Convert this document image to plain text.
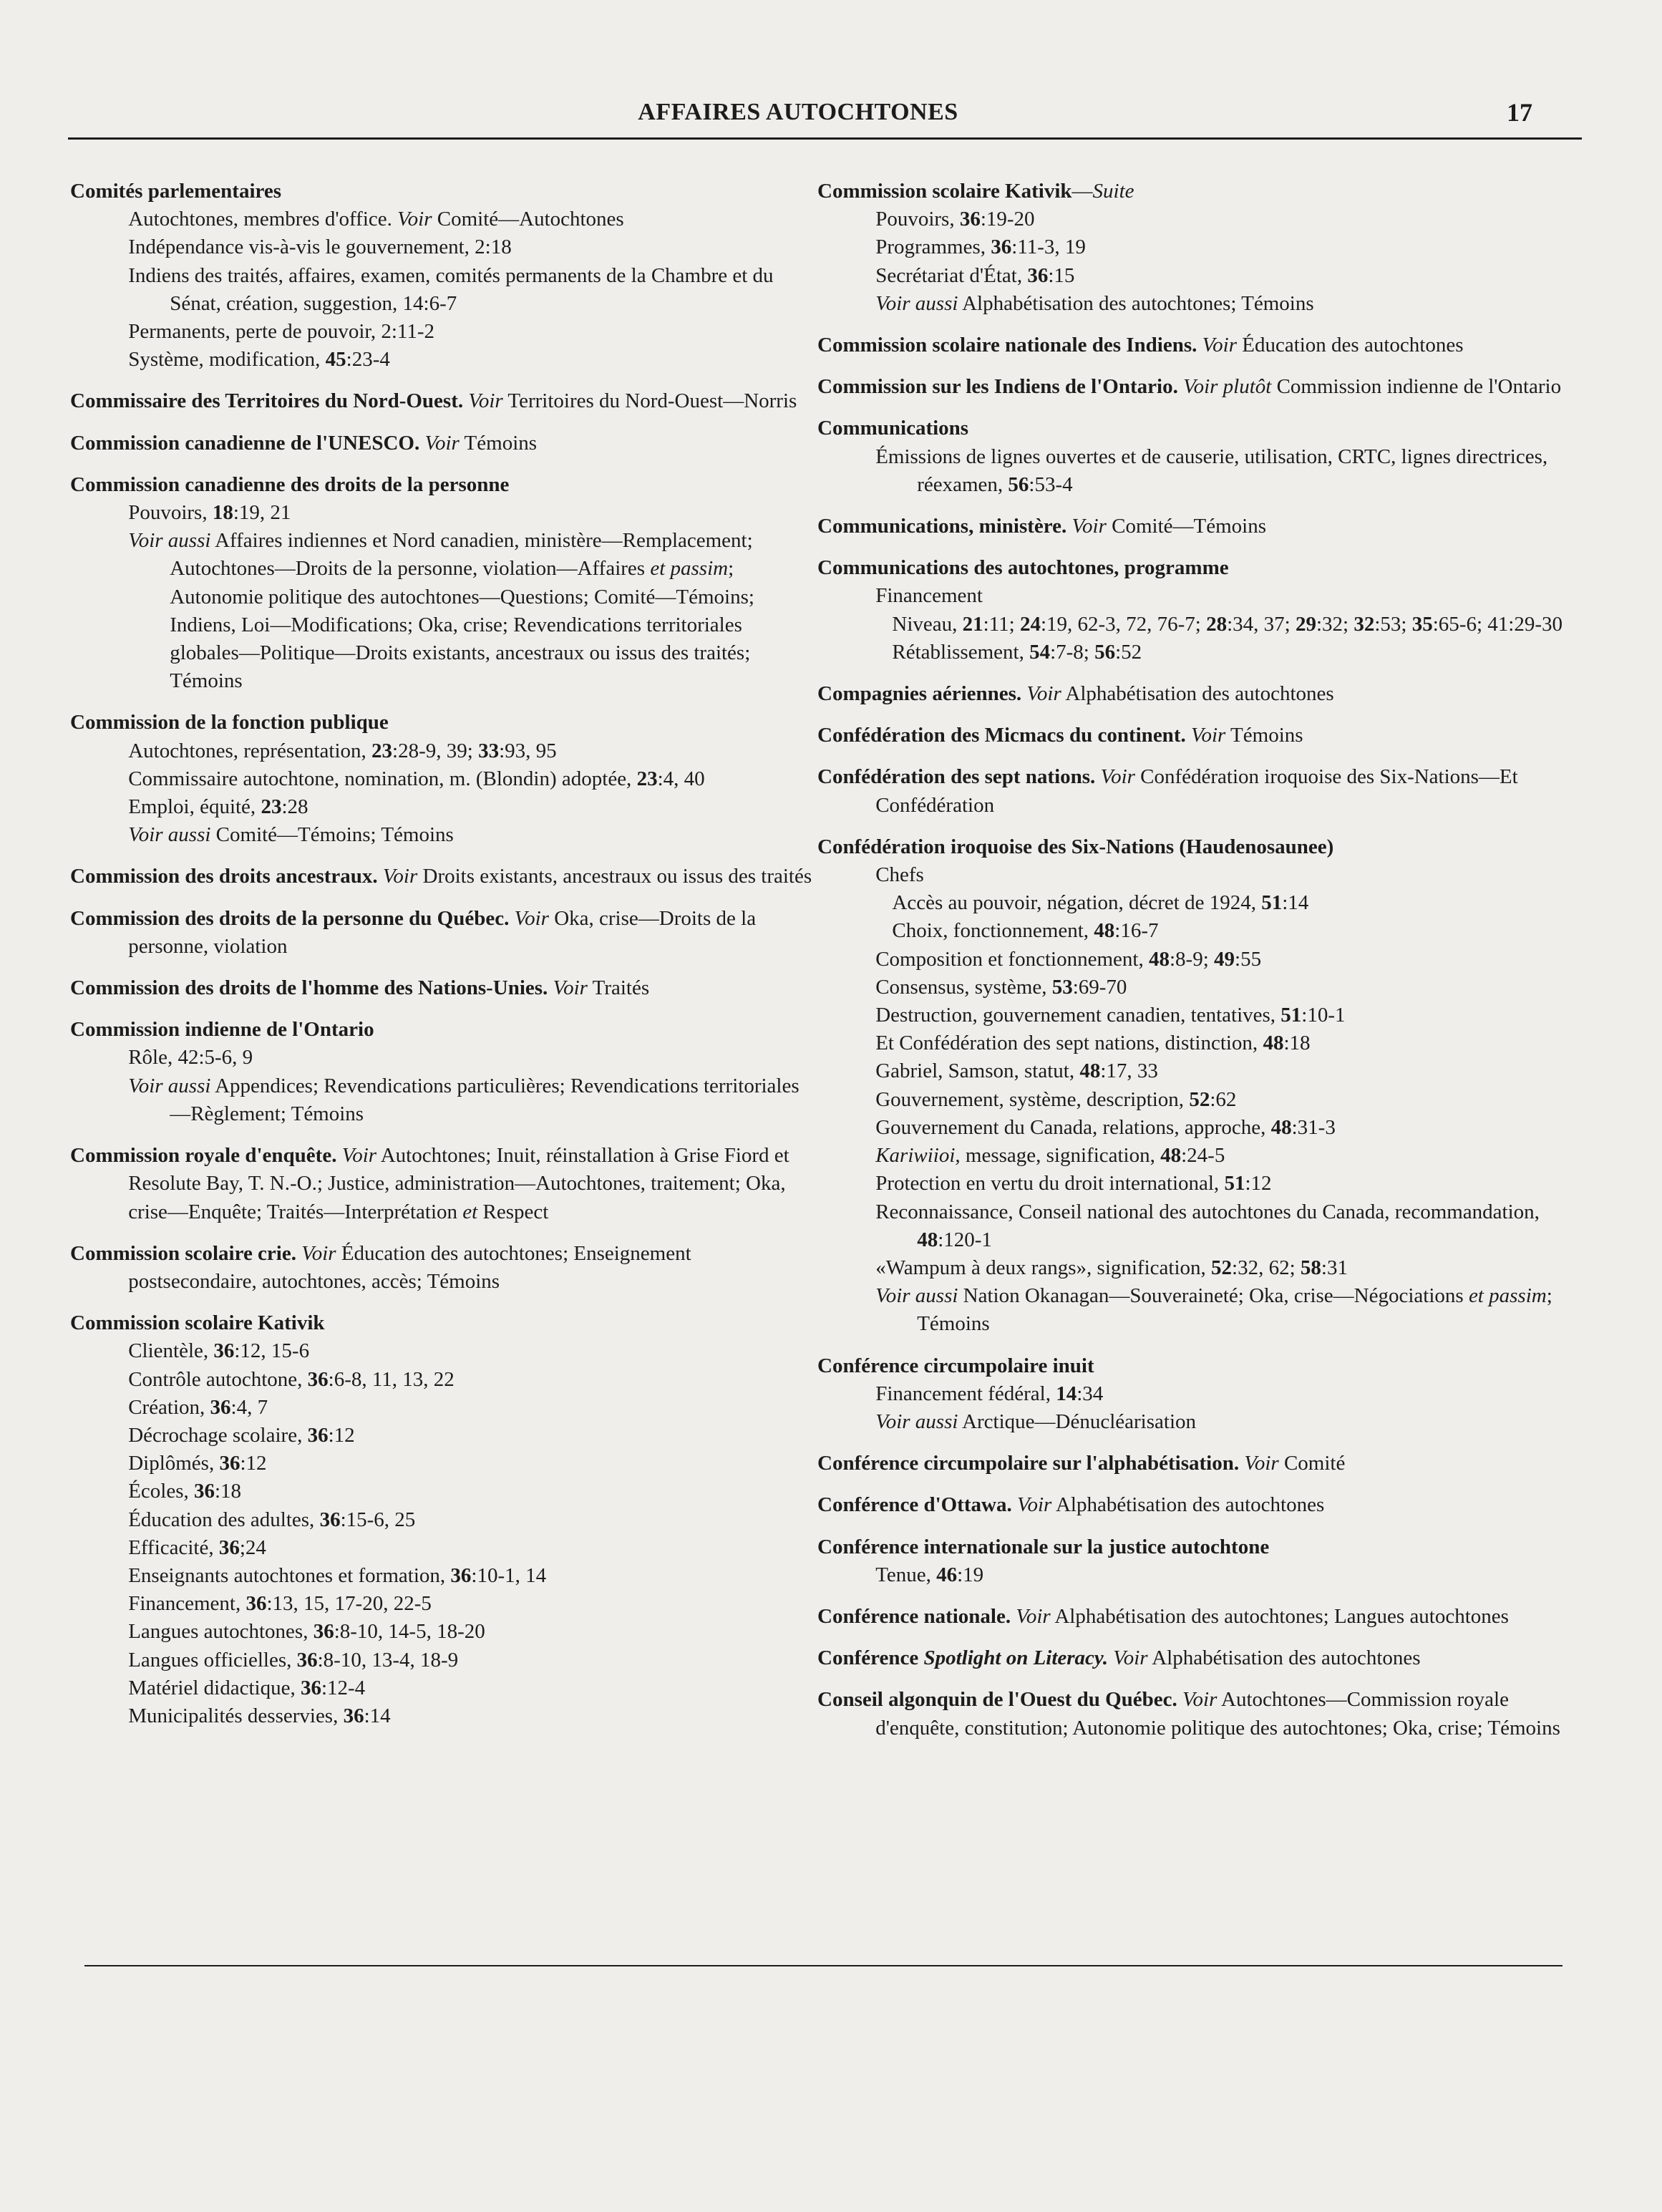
AFFAIRES AUTOCHTONES	17
Comités parlementaires
Autochtones, membres d'office. Voir Comité—Autochtones
Indépendance vis-à-vis le gouvernement, 2:18
Indiens des traités, affaires, examen, comités permanents de la Chambre et du Sénat, création, suggestion, 14:6-7
Permanents, perte de pouvoir, 2:11-2
Système, modification, 45:23-4
Commissaire des Territoires du Nord-Ouest. Voir Territoires du Nord-Ouest—Norris
Commission canadienne de l'UNESCO. Voir Témoins
Commission canadienne des droits de la personne
Pouvoirs, 18:19, 21
Voir aussi Affaires indiennes et Nord canadien, ministère—Remplacement; Autochtones—Droits de la personne, violation—Affaires et passim; Autonomie politique des autochtones—Questions; Comité—Témoins; Indiens, Loi—Modifications; Oka, crise; Revendications territoriales globales—Politique—Droits existants, ancestraux ou issus des traités; Témoins
Commission de la fonction publique
Autochtones, représentation, 23:28-9, 39; 33:93, 95
Commissaire autochtone, nomination, m. (Blondin) adoptée, 23:4, 40
Emploi, équité, 23:28
Voir aussi Comité—Témoins; Témoins
Commission des droits ancestraux. Voir Droits existants, ancestraux ou issus des traités
Commission des droits de la personne du Québec. Voir Oka, crise—Droits de la personne, violation
Commission des droits de l'homme des Nations-Unies. Voir Traités
Commission indienne de l'Ontario
Rôle, 42:5-6, 9
Voir aussi Appendices; Revendications particulières; Revendications territoriales—Règlement; Témoins
Commission royale d'enquête. Voir Autochtones; Inuit, réinstallation à Grise Fiord et Resolute Bay, T. N.-O.; Justice, administration—Autochtones, traitement; Oka, crise—Enquête; Traités—Interprétation et Respect
Commission scolaire crie. Voir Éducation des autochtones; Enseignement postsecondaire, autochtones, accès; Témoins
Commission scolaire Kativik
Clientèle, 36:12, 15-6
Contrôle autochtone, 36:6-8, 11, 13, 22
Création, 36:4, 7
Décrochage scolaire, 36:12
Diplômés, 36:12
Écoles, 36:18
Éducation des adultes, 36:15-6, 25
Efficacité, 36;24
Enseignants autochtones et formation, 36:10-1, 14
Financement, 36:13, 15, 17-20, 22-5
Langues autochtones, 36:8-10, 14-5, 18-20
Langues officielles, 36:8-10, 13-4, 18-9
Matériel didactique, 36:12-4
Municipalités desservies, 36:14
Commission scolaire Kativik—Suite
Pouvoirs, 36:19-20
Programmes, 36:11-3, 19
Secrétariat d'État, 36:15
Voir aussi Alphabétisation des autochtones; Témoins
Commission scolaire nationale des Indiens. Voir Éducation des autochtones
Commission sur les Indiens de l'Ontario. Voir plutôt Commission indienne de l'Ontario
Communications
Émissions de lignes ouvertes et de causerie, utilisation, CRTC, lignes directrices, réexamen, 56:53-4
Communications, ministère. Voir Comité—Témoins
Communications des autochtones, programme
Financement
Niveau, 21:11; 24:19, 62-3, 72, 76-7; 28:34, 37; 29:32; 32:53; 35:65-6; 41:29-30
Rétablissement, 54:7-8; 56:52
Compagnies aériennes. Voir Alphabétisation des autochtones
Confédération des Micmacs du continent. Voir Témoins
Confédération des sept nations. Voir Confédération iroquoise des Six-Nations—Et Confédération
Confédération iroquoise des Six-Nations (Haudenosaunee)
Chefs
Accès au pouvoir, négation, décret de 1924, 51:14
Choix, fonctionnement, 48:16-7
Composition et fonctionnement, 48:8-9; 49:55
Consensus, système, 53:69-70
Destruction, gouvernement canadien, tentatives, 51:10-1
Et Confédération des sept nations, distinction, 48:18
Gabriel, Samson, statut, 48:17, 33
Gouvernement, système, description, 52:62
Gouvernement du Canada, relations, approche, 48:31-3
Kariwiioi, message, signification, 48:24-5
Protection en vertu du droit international, 51:12
Reconnaissance, Conseil national des autochtones du Canada, recommandation, 48:120-1
«Wampum à deux rangs», signification, 52:32, 62; 58:31
Voir aussi Nation Okanagan—Souveraineté; Oka, crise—Négociations et passim; Témoins
Conférence circumpolaire inuit
Financement fédéral, 14:34
Voir aussi Arctique—Dénucléarisation
Conférence circumpolaire sur l'alphabétisation. Voir Comité
Conférence d'Ottawa. Voir Alphabétisation des autochtones
Conférence internationale sur la justice autochtone
Tenue, 46:19
Conférence nationale. Voir Alphabétisation des autochtones; Langues autochtones
Conférence Spotlight on Literacy. Voir Alphabétisation des autochtones
Conseil algonquin de l'Ouest du Québec. Voir Autochtones—Commission royale d'enquête, constitution; Autonomie politique des autochtones; Oka, crise; Témoins
